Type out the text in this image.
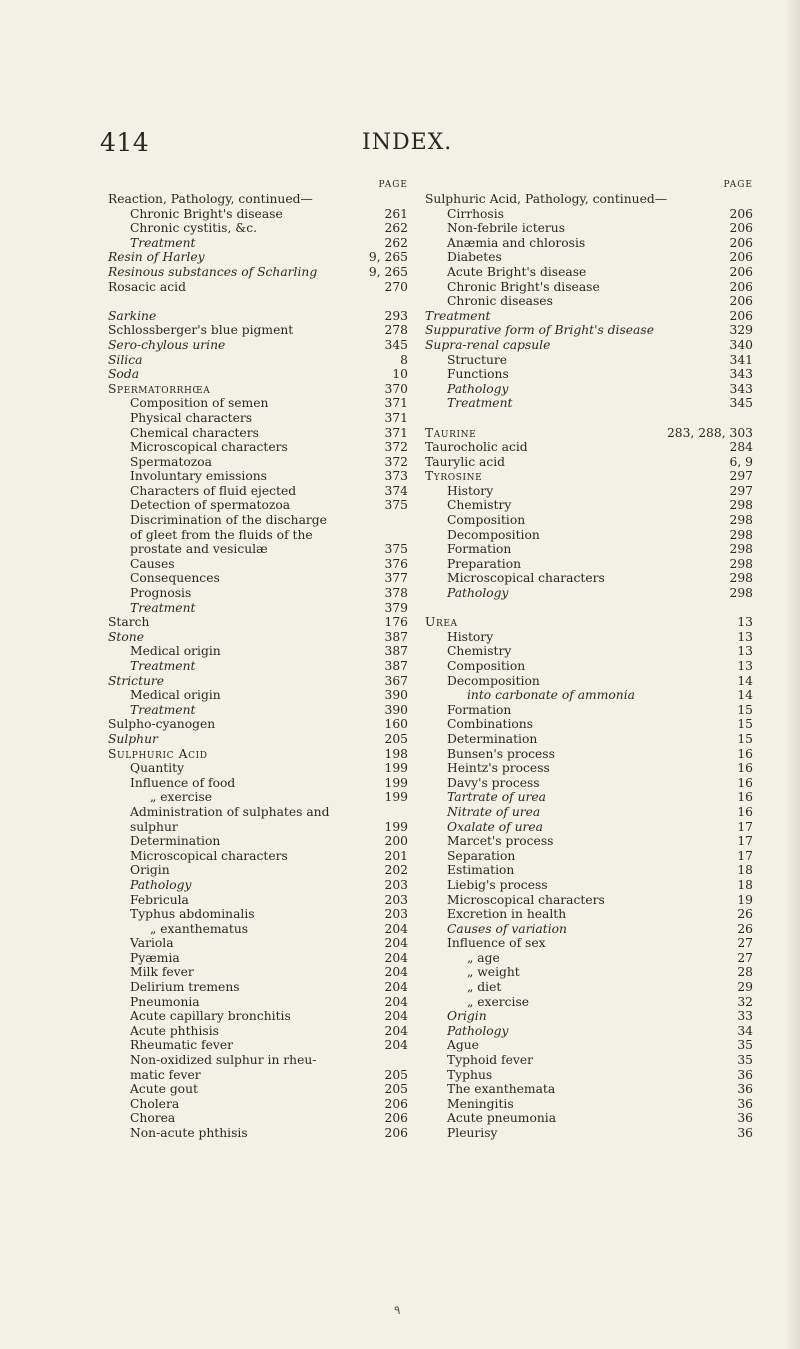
414	INDEX.
PAGE
Reaction, Pathology, continued—
Chronic Bright's disease	261
Chronic cystitis, &c.	262
Treatment	262
Resin of Harley	9, 265
Resinous substances of Scharling	9, 265
Rosacic acid	270
Sarkine	293
Schlossberger's blue pigment	278
Sero-chylous urine	345
Silica	8
Soda	10
Spermatorrhœa	370
Composition of semen	371
Physical characters	371
Chemical characters	371
Microscopical characters	372
Spermatozoa	372
Involuntary emissions	373
Characters of fluid ejected	374
Detection of spermatozoa	375
Discrimination of the discharge
of gleet from the fluids of the
prostate and vesiculæ	375
Causes	376
Consequences	377
Prognosis	378
Treatment	379
Starch	176
Stone	387
Medical origin	387
Treatment	387
Stricture	367
Medical origin	390
Treatment	390
Sulpho-cyanogen	160
Sulphur	205
Sulphuric Acid	198
Quantity	199
Influence of food	199
„ exercise	199
Administration of sulphates and
sulphur	199
Determination	200
Microscopical characters	201
Origin	202
Pathology	203
Febricula	203
Typhus abdominalis	203
„ exanthematus	204
Variola	204
Pyæmia	204
Milk fever	204
Delirium tremens	204
Pneumonia	204
Acute capillary bronchitis	204
Acute phthisis	204
Rheumatic fever	204
Non-oxidized sulphur in rheu-
matic fever	205
Acute gout	205
Cholera	206
Chorea	206
Non-acute phthisis	206
PAGE
Sulphuric Acid, Pathology, continued—
Cirrhosis	206
Non-febrile icterus	206
Anæmia and chlorosis	206
Diabetes	206
Acute Bright's disease	206
Chronic Bright's disease	206
Chronic diseases	206
Treatment	206
Suppurative form of Bright's disease	329
Supra-renal capsule	340
Structure	341
Functions	343
Pathology	343
Treatment	345
Taurine	283, 288, 303
Taurocholic acid	284
Taurylic acid	6, 9
Tyrosine	297
History	297
Chemistry	298
Composition	298
Decomposition	298
Formation	298
Preparation	298
Microscopical characters	298
Pathology	298
Urea	13
History	13
Chemistry	13
Composition	13
Decomposition	14
into carbonate of ammonia	14
Formation	15
Combinations	15
Determination	15
Bunsen's process	16
Heintz's process	16
Davy's process	16
Tartrate of urea	16
Nitrate of urea	16
Oxalate of urea	17
Marcet's process	17
Separation	17
Estimation	18
Liebig's process	18
Microscopical characters	19
Excretion in health	26
Causes of variation	26
Influence of sex	27
„ age	27
„ weight	28
„ diet	29
„ exercise	32
Origin	33
Pathology	34
Ague	35
Typhoid fever	35
Typhus	36
The exanthemata	36
Meningitis	36
Acute pneumonia	36
Pleurisy	36
٩
